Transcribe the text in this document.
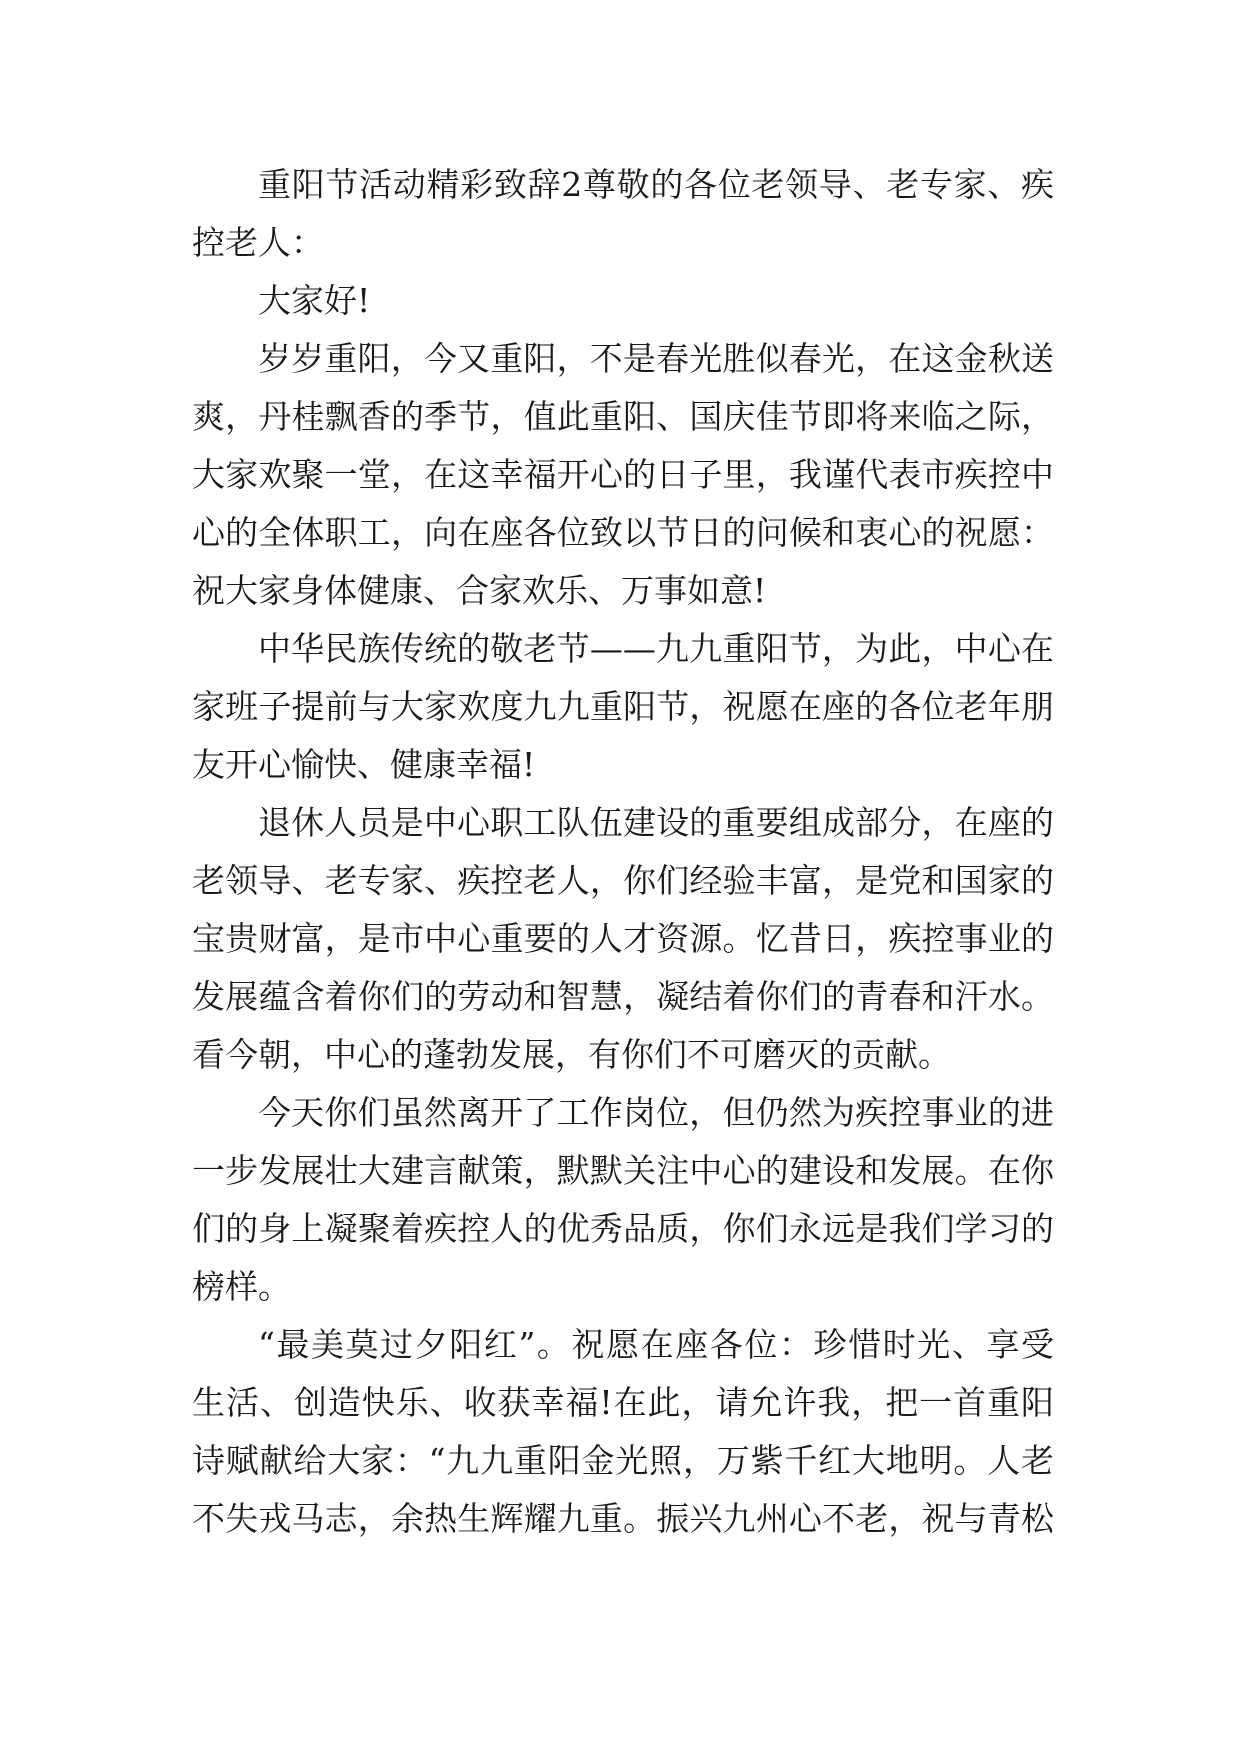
重阳节活动精彩致辞2尊敬的各位老领导、老专家、疾
控老人：
大家好!
岁岁重阳，今又重阳，不是春光胜似春光，在这金秋送
爽，丹桂飘香的季节，值此重阳、国庆佳节即将来临之际，
大家欢聚一堂，在这幸福开心的日子里，我谨代表市疾控中
心的全体职工，向在座各位致以节日的问候和衷心的祝愿：
祝大家身体健康、合家欢乐、万事如意!
中华民族传统的敬老节——九九重阳节，为此，中心在
家班子提前与大家欢度九九重阳节，祝愿在座的各位老年朋
友开心愉快、健康幸福!
退休人员是中心职工队伍建设的重要组成部分，在座的
老领导、老专家、疾控老人，你们经验丰富，是党和国家的
宝贵财富，是市中心重要的人才资源。忆昔日，疾控事业的
发展蕴含着你们的劳动和智慧，凝结着你们的青春和汗水。
看今朝，中心的蓬勃发展，有你们不可磨灭的贡献。
今天你们虽然离开了工作岗位，但仍然为疾控事业的进
一步发展壮大建言献策，默默关注中心的建设和发展。在你
们的身上凝聚着疾控人的优秀品质，你们永远是我们学习的
榜样。
“最美莫过夕阳红”。祝愿在座各位：珍惜时光、享受
生活、创造快乐、收获幸福!在此，请允许我，把一首重阳
诗赋献给大家：“九九重阳金光照，万紫千红大地明。人老
不失戎马志，余热生辉耀九重。振兴九州心不老，祝与青松
